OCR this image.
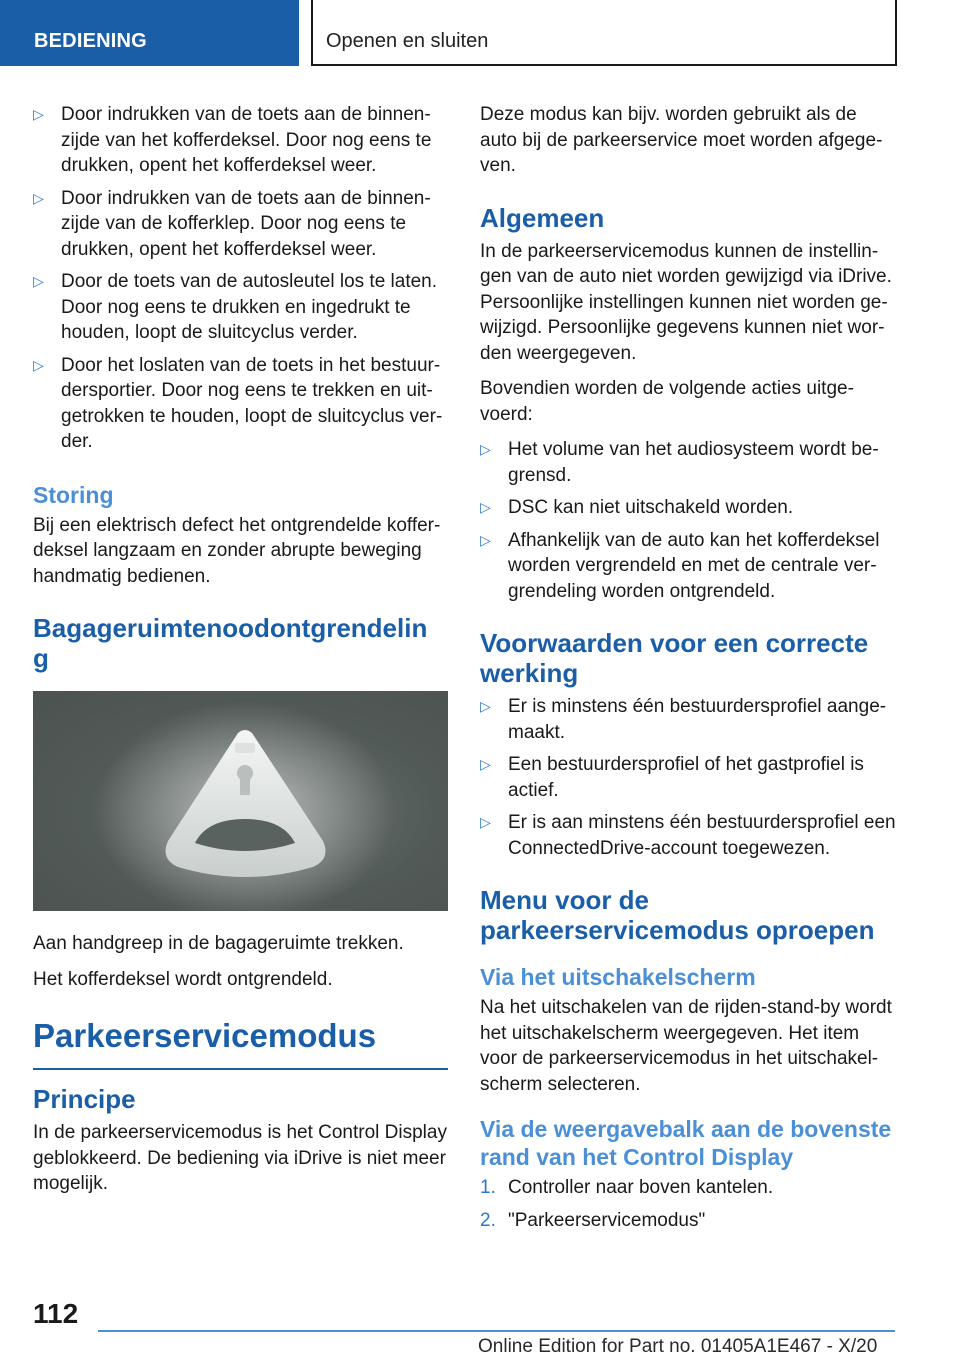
BEDIENING	Openen en sluiten
▷ Door indrukken van de toets aan de binnen-zijde van het kofferdeksel. Door nog eens te drukken, opent het kofferdeksel weer.
▷ Door indrukken van de toets aan de binnen-zijde van de kofferklep. Door nog eens te drukken, opent het kofferdeksel weer.
▷ Door de toets van de autosleutel los te laten. Door nog eens te drukken en ingedrukt te houden, loopt de sluitcyclus verder.
▷ Door het loslaten van de toets in het bestuur-dersportier. Door nog eens te trekken en uit-getrokken te houden, loopt de sluitcyclus ver-der.
Storing

Bij een elektrisch defect het ontgrendelde koffer-deksel langzaam en zonder abrupte beweging handmatig bedienen.

Bagageruimtenoodontgrendelin g

Aan handgreep in de bagageruimte trekken.

Het kofferdeksel wordt ontgrendeld.

Parkeerservicemodus
Principe

In de parkeerservicemodus is het Control Display geblokkeerd. De bediening via iDrive is niet meer mogelijk.

Deze modus kan bijv. worden gebruikt als de auto bij de parkeerservice moet worden afgege-ven.

Algemeen

In de parkeerservicemodus kunnen de instellin-gen van de auto niet worden gewijzigd via iDrive. Persoonlijke instellingen kunnen niet worden ge-wijzigd. Persoonlijke gegevens kunnen niet wor-den weergegeven.

Bovendien worden de volgende acties uitge-voerd:

▷ Het volume van het audiosysteem wordt be-grensd.
▷ DSC kan niet uitschakeld worden.
▷ Afhankelijk van de auto kan het kofferdeksel worden vergrendeld en met de centrale ver-grendeling worden ontgrendeld.
Voorwaarden voor een correcte werking
▷ Er is minstens één bestuurdersprofiel aange-maakt.
▷ Een bestuurdersprofiel of het gastprofiel is actief.
▷ Er is aan minstens één bestuurdersprofiel een ConnectedDrive-account toegewezen.
Menu voor de parkeerservicemodus oproepen
Via het uitschakelscherm

Na het uitschakelen van de rijden-stand-by wordt het uitschakelscherm weergegeven. Het item voor de parkeerservicemodus in het uitschakel-scherm selecteren.

Via de weergavebalk aan de bovenste rand van het Control Display
1. Controller naar boven kantelen.
2. "Parkeerservicemodus"
112
Online Edition for Part no. 01405A1E467 - X/20
